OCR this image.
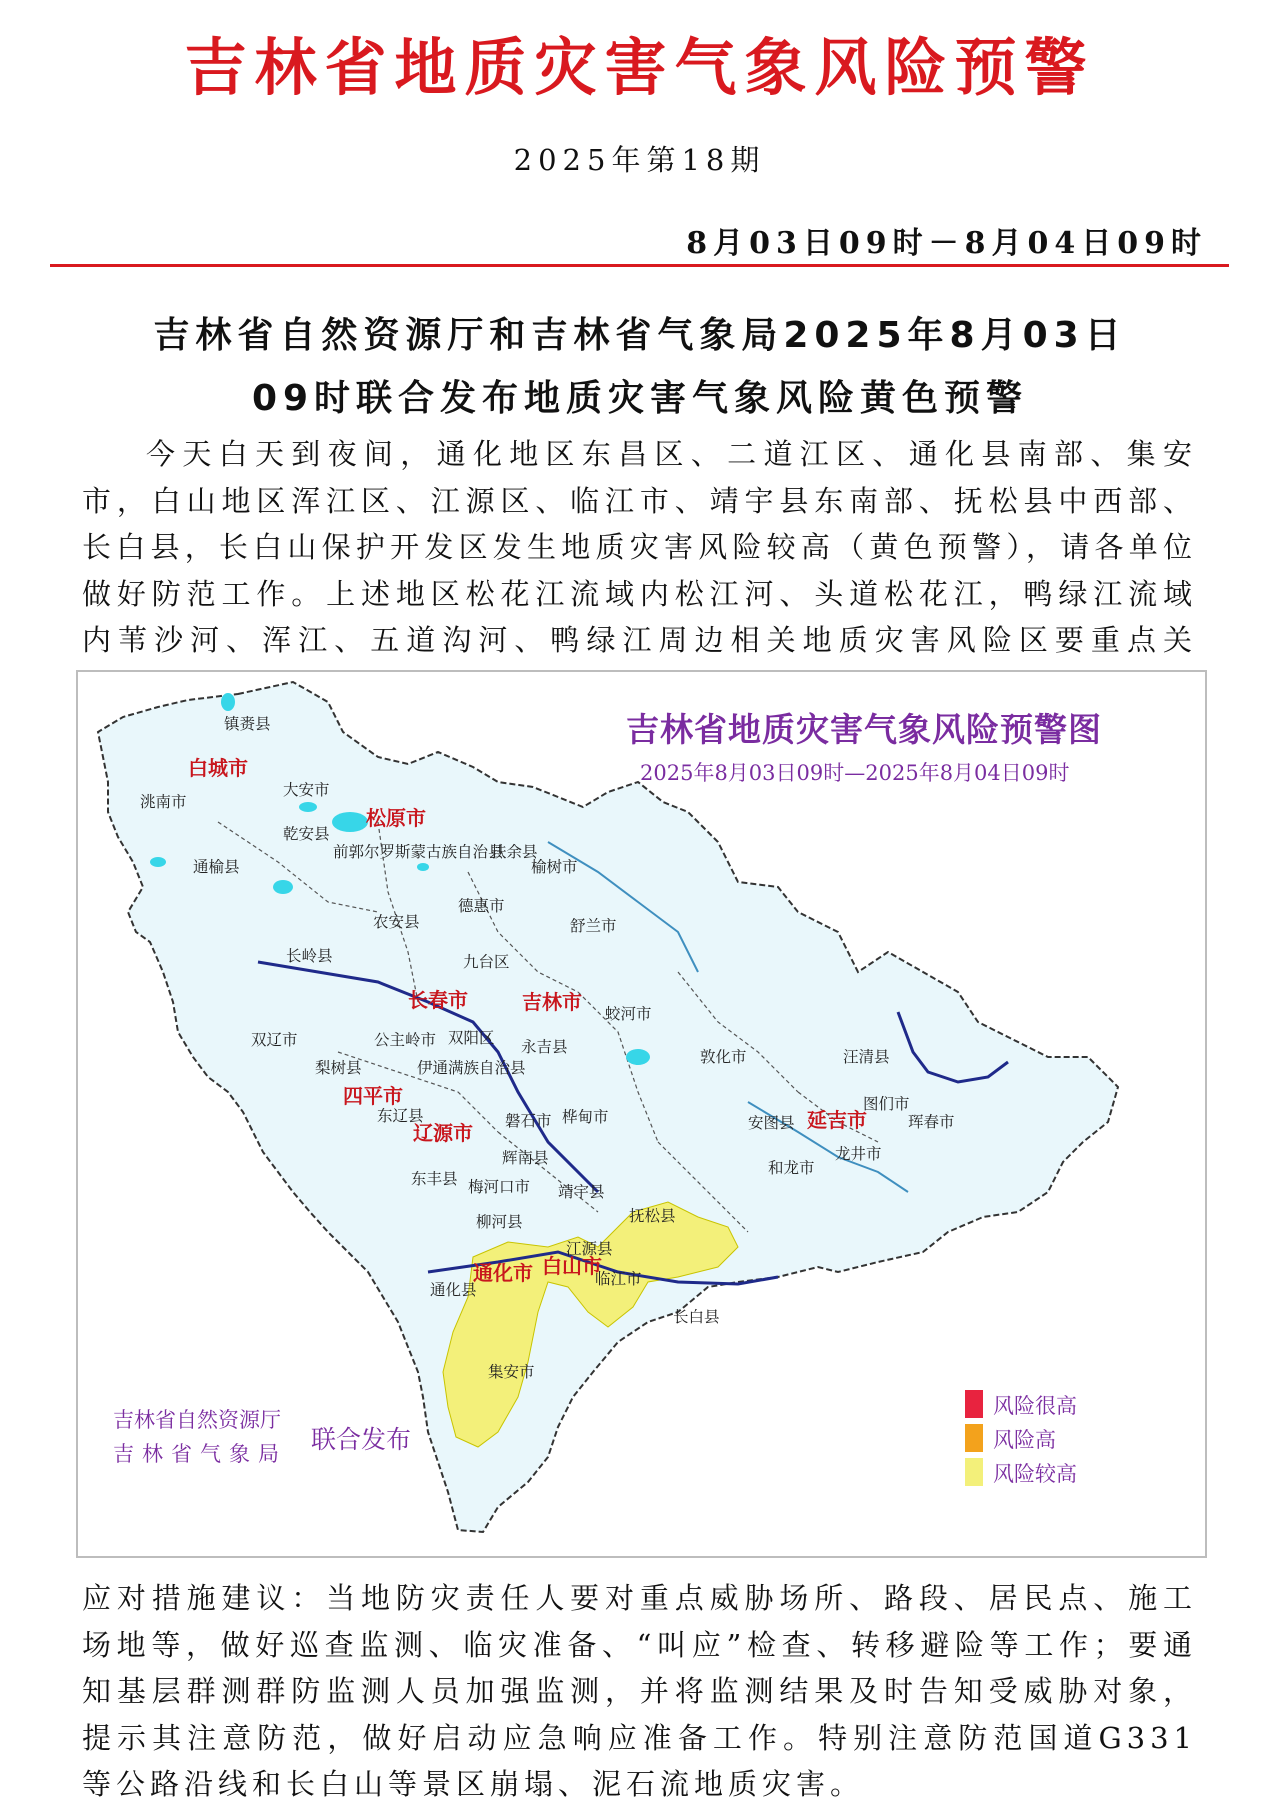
吉林省地质灾害气象风险预警
2025年第18期
8月03日09时－8月04日09时
吉林省自然资源厅和吉林省气象局2025年8月03日
09时联合发布地质灾害气象风险黄色预警
今天白天到夜间，通化地区东昌区、二道江区、通化县南部、集安市，白山地区浑江区、江源区、临江市、靖宇县东南部、抚松县中西部、长白县，长白山保护开发区发生地质灾害风险较高（黄色预警），请各单位做好防范工作。上述地区松花江流域内松江河、头道松花江，鸭绿江流域内苇沙河、浑江、五道沟河、鸭绿江周边相关地质灾害风险区要重点关
吉林省地质灾害气象风险预警图
2025年8月03日09时—2025年8月04日09时
白城市
松原市
长春市	吉林市
四平市
辽源市
延吉市
通化市 白山市
镇赉县
洮南市
大安市
乾安县
通榆县
前郭尔罗斯蒙古族自治县
扶余县
榆树市
农安县
德惠市
舒兰市
长岭县	九台区
蛟河市
双辽市	公主岭市 双阳区 永吉县
梨树县	伊通满族自治县
敦化市	汪清县
图们市
珲春市
安图县
东辽县	磐石市 桦甸市
和龙市
龙井市
东丰县
辉南县
梅河口市 靖宇县
柳河县	抚松县
江源县
临江市
通化县
长白县
集安市
吉林省自然资源厅
吉林省气象局 联合发布
风险很高
风险高
风险较高
应对措施建议：当地防灾责任人要对重点威胁场所、路段、居民点、施工场地等，做好巡查监测、临灾准备、“叫应”检查、转移避险等工作；要通知基层群测群防监测人员加强监测，并将监测结果及时告知受威胁对象，提示其注意防范，做好启动应急响应准备工作。特别注意防范国道G331等公路沿线和长白山等景区崩塌、泥石流地质灾害。
